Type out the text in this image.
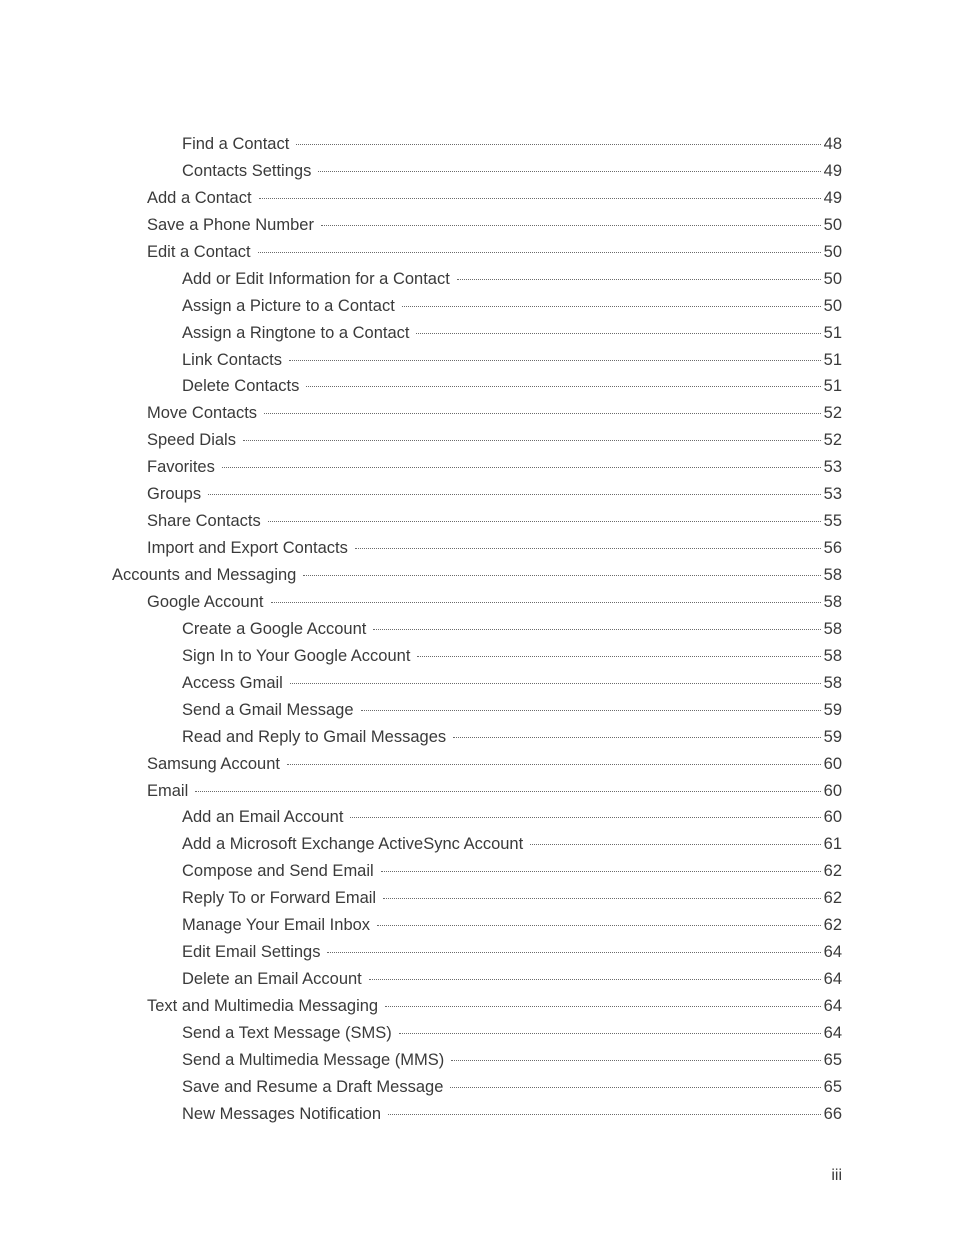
Find a Contact	48
Contacts Settings	49
Add a Contact	49
Save a Phone Number	50
Edit a Contact	50
Add or Edit Information for a Contact	50
Assign a Picture to a Contact	50
Assign a Ringtone to a Contact	51
Link Contacts	51
Delete Contacts	51
Move Contacts	52
Speed Dials	52
Favorites	53
Groups	53
Share Contacts	55
Import and Export Contacts	56
Accounts and Messaging	58
Google Account	58
Create a Google Account	58
Sign In to Your Google Account	58
Access Gmail	58
Send a Gmail Message	59
Read and Reply to Gmail Messages	59
Samsung Account	60
Email	60
Add an Email Account	60
Add a Microsoft Exchange ActiveSync Account	61
Compose and Send Email	62
Reply To or Forward Email	62
Manage Your Email Inbox	62
Edit Email Settings	64
Delete an Email Account	64
Text and Multimedia Messaging	64
Send a Text Message (SMS)	64
Send a Multimedia Message (MMS)	65
Save and Resume a Draft Message	65
New Messages Notification	66
iii
